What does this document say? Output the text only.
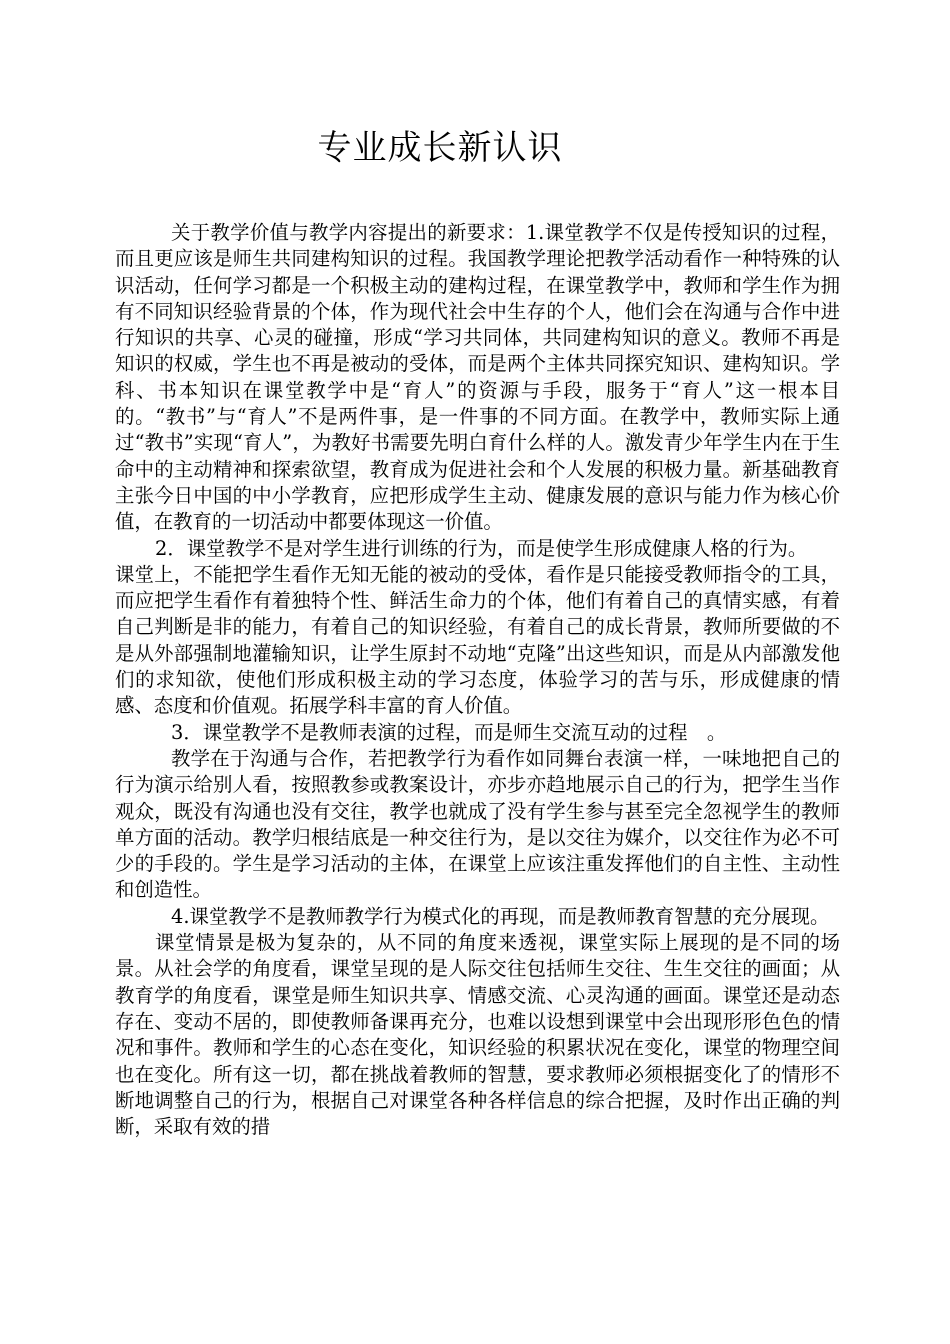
专业成长新认识

关于教学价值与教学内容提出的新要求：1.课堂教学不仅是传授知识的过程，而且更应该是师生共同建构知识的过程。我国教学理论把教学活动看作一种特殊的认识活动，任何学习都是一个积极主动的建构过程，在课堂教学中，教师和学生作为拥有不同知识经验背景的个体，作为现代社会中生存的个人，他们会在沟通与合作中进行知识的共享、心灵的碰撞，形成“学习共同体，共同建构知识的意义。教师不再是知识的权威，学生也不再是被动的受体，而是两个主体共同探究知识、建构知识。学科、书本知识在课堂教学中是“育人”的资源与手段，服务于“育人”这一根本目的。“教书”与“育人”不是两件事，是一件事的不同方面。在教学中，教师实际上通过“教书”实现“育人”，为教好书需要先明白育什么样的人。激发青少年学生内在于生命中的主动精神和探索欲望，教育成为促进社会和个人发展的积极力量。新基础教育主张今日中国的中小学教育，应把形成学生主动、健康发展的意识与能力作为核心价值，在教育的一切活动中都要体现这一价值。

2．课堂教学不是对学生进行训练的行为，而是使学生形成健康人格的行为。

课堂上，不能把学生看作无知无能的被动的受体，看作是只能接受教师指令的工具，而应把学生看作有着独特个性、鲜活生命力的个体，他们有着自己的真情实感，有着自己判断是非的能力，有着自己的知识经验，有着自己的成长背景，教师所要做的不是从外部强制地灌输知识，让学生原封不动地“克隆”出这些知识，而是从内部激发他们的求知欲，使他们形成积极主动的学习态度，体验学习的苦与乐，形成健康的情感、态度和价值观。拓展学科丰富的育人价值。

3．课堂教学不是教师表演的过程，而是师生交流互动的过程　。

教学在于沟通与合作，若把教学行为看作如同舞台表演一样，一味地把自己的行为演示给别人看，按照教参或教案设计，亦步亦趋地展示自己的行为，把学生当作观众，既没有沟通也没有交往，教学也就成了没有学生参与甚至完全忽视学生的教师单方面的活动。教学归根结底是一种交往行为，是以交往为媒介，以交往作为必不可少的手段的。学生是学习活动的主体，在课堂上应该注重发挥他们的自主性、主动性和创造性。

4.课堂教学不是教师教学行为模式化的再现，而是教师教育智慧的充分展现。

课堂情景是极为复杂的，从不同的角度来透视，课堂实际上展现的是不同的场景。从社会学的角度看，课堂呈现的是人际交往包括师生交往、生生交往的画面；从教育学的角度看，课堂是师生知识共享、情感交流、心灵沟通的画面。课堂还是动态存在、变动不居的，即使教师备课再充分，也难以设想到课堂中会出现形形色色的情况和事件。教师和学生的心态在变化，知识经验的积累状况在变化，课堂的物理空间也在变化。所有这一切，都在挑战着教师的智慧，要求教师必须根据变化了的情形不断地调整自己的行为，根据自己对课堂各种各样信息的综合把握，及时作出正确的判断，采取有效的措
